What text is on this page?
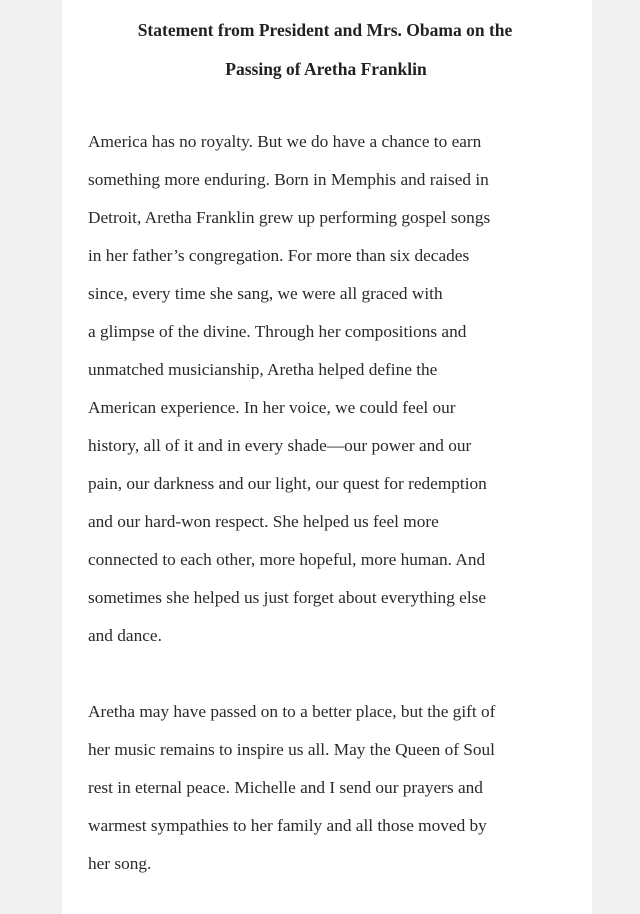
Statement from President and Mrs. Obama on the
Passing of Aretha Franklin
America has no royalty. But we do have a chance to earn
something more enduring. Born in Memphis and raised in
Detroit, Aretha Franklin grew up performing gospel songs
in her father’s congregation. For more than six decades
since, every time she sang, we were all graced with
a glimpse of the divine. Through her compositions and
unmatched musicianship, Aretha helped define the
American experience. In her voice, we could feel our
history, all of it and in every shade—our power and our
pain, our darkness and our light, our quest for redemption
and our hard-won respect. She helped us feel more
connected to each other, more hopeful, more human. And
sometimes she helped us just forget about everything else
and dance.
Aretha may have passed on to a better place, but the gift of
her music remains to inspire us all. May the Queen of Soul
rest in eternal peace. Michelle and I send our prayers and
warmest sympathies to her family and all those moved by
her song.
